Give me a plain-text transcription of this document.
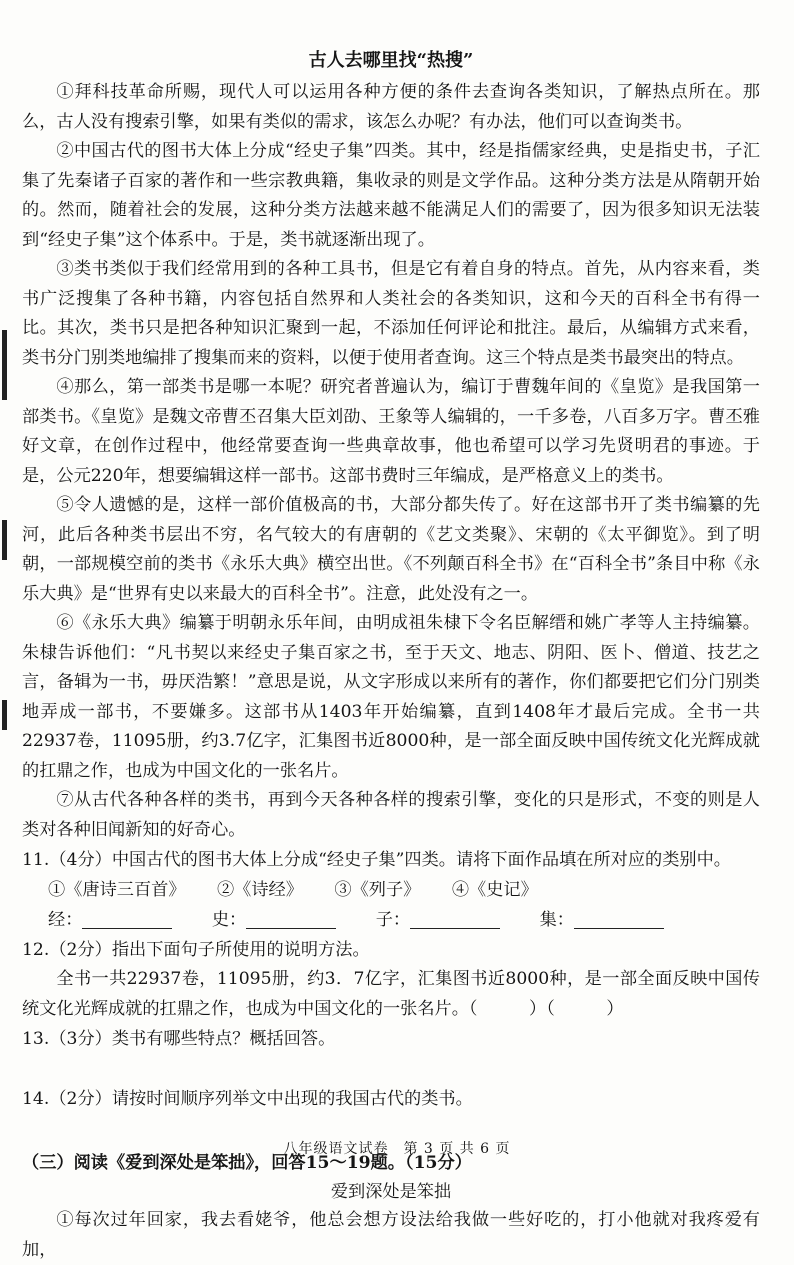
古人去哪里找“热搜”

①拜科技革命所赐，现代人可以运用各种方便的条件去查询各类知识，了解热点所在。那么，古人没有搜索引擎，如果有类似的需求，该怎么办呢？有办法，他们可以查询类书。

②中国古代的图书大体上分成“经史子集”四类。其中，经是指儒家经典，史是指史书，子汇集了先秦诸子百家的著作和一些宗教典籍，集收录的则是文学作品。这种分类方法是从隋朝开始的。然而，随着社会的发展，这种分类方法越来越不能满足人们的需要了，因为很多知识无法装到“经史子集”这个体系中。于是，类书就逐渐出现了。

③类书类似于我们经常用到的各种工具书，但是它有着自身的特点。首先，从内容来看，类书广泛搜集了各种书籍，内容包括自然界和人类社会的各类知识，这和今天的百科全书有得一比。其次，类书只是把各种知识汇聚到一起，不添加任何评论和批注。最后，从编辑方式来看，类书分门别类地编排了搜集而来的资料，以便于使用者查询。这三个特点是类书最突出的特点。

④那么，第一部类书是哪一本呢？研究者普遍认为，编订于曹魏年间的《皇览》是我国第一部类书。《皇览》是魏文帝曹丕召集大臣刘劭、王象等人编辑的，一千多卷，八百多万字。曹丕雅好文章，在创作过程中，他经常要查询一些典章故事，他也希望可以学习先贤明君的事迹。于是，公元220年，想要编辑这样一部书。这部书费时三年编成，是严格意义上的类书。

⑤令人遗憾的是，这样一部价值极高的书，大部分都失传了。好在这部书开了类书编纂的先河，此后各种类书层出不穷，名气较大的有唐朝的《艺文类聚》、宋朝的《太平御览》。到了明朝，一部规模空前的类书《永乐大典》横空出世。《不列颠百科全书》在“百科全书”条目中称《永乐大典》是“世界有史以来最大的百科全书”。注意，此处没有之一。

⑥《永乐大典》编纂于明朝永乐年间，由明成祖朱棣下令名臣解缙和姚广孝等人主持编纂。朱棣告诉他们：“凡书契以来经史子集百家之书，至于天文、地志、阴阳、医卜、僧道、技艺之言，备辑为一书，毋厌浩繁！”意思是说，从文字形成以来所有的著作，你们都要把它们分门别类地弄成一部书，不要嫌多。这部书从1403年开始编纂，直到1408年才最后完成。全书一共22937卷，11095册，约3.7亿字，汇集图书近8000种，是一部全面反映中国传统文化光辉成就的扛鼎之作，也成为中国文化的一张名片。

⑦从古代各种各样的类书，再到今天各种各样的搜索引擎，变化的只是形式，不变的则是人类对各种旧闻新知的好奇心。

11.（4分）中国古代的图书大体上分成“经史子集”四类。请将下面作品填在所对应的类别中。

①《唐诗三百首》 ②《诗经》 ③《列子》 ④《史记》

经：	史：	子：	集：

12.（2分）指出下面句子所使用的说明方法。

全书一共22937卷，11095册，约3．7亿字，汇集图书近8000种，是一部全面反映中国传统文化光辉成就的扛鼎之作，也成为中国文化的一张名片。（　　　）（　　　）

13.（3分）类书有哪些特点？概括回答。

14.（2分）请按时间顺序列举文中出现的我国古代的类书。

（三）阅读《爱到深处是笨拙》，回答15～19题。（15分）

爱到深处是笨拙

①每次过年回家，我去看姥爷，他总会想方设法给我做一些好吃的，打小他就对我疼爱有加，

八年级语文试卷　第 3 页 共 6 页
